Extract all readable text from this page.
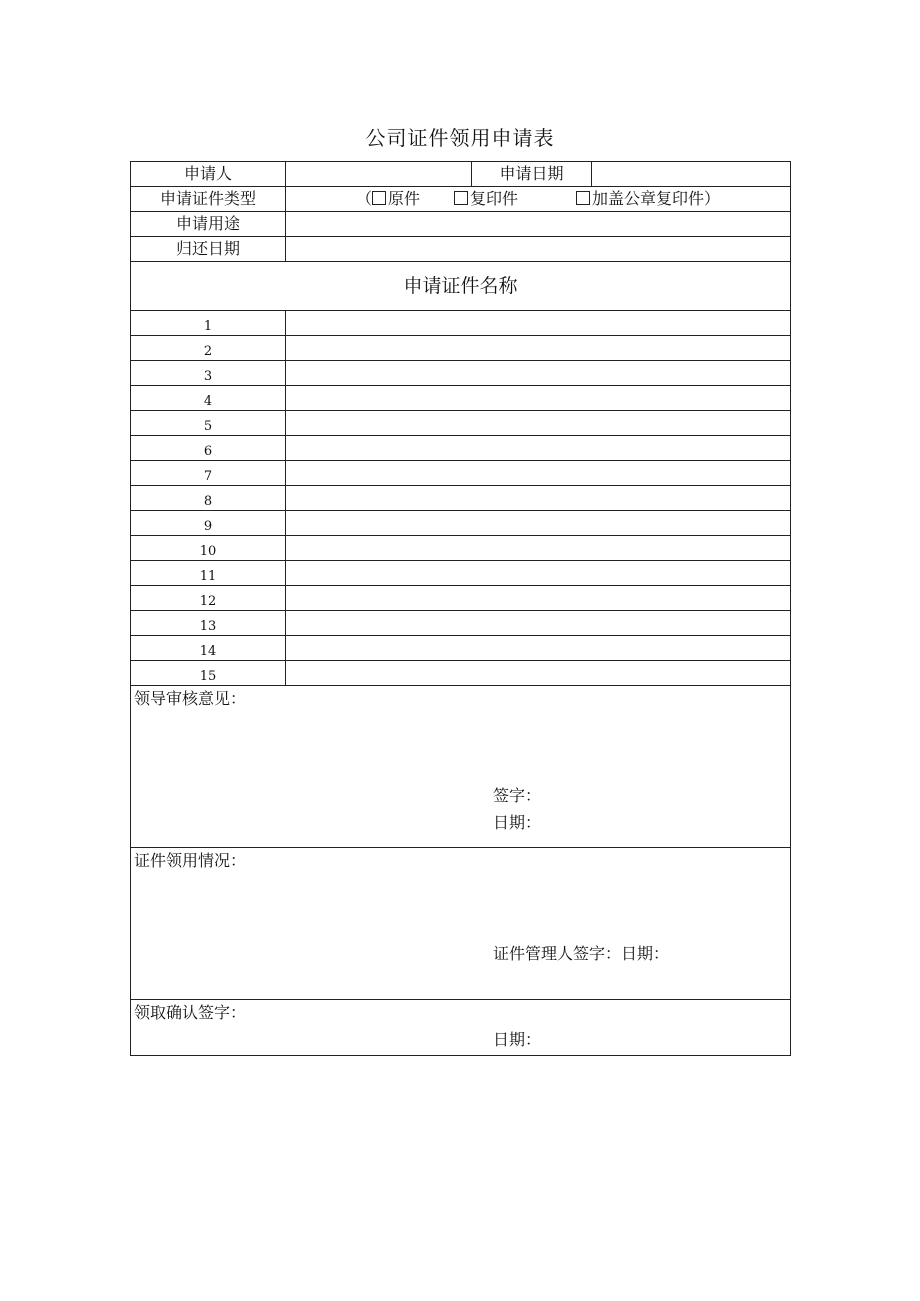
公司证件领用申请表
申请人		申请日期	
申请证件类型	（ 原件 复印件 加盖公章复印件）		
申请用途			
归还日期			
申请证件名称			
1			
2			
3			
4			
5			
6			
7			
8			
9			
10			
11			
12			
13			
14			
15			

领导审核意见：
签字：
日期：			

证件领用情况：
证件管理人签字：日期：			

领取确认签字：
日期：			
